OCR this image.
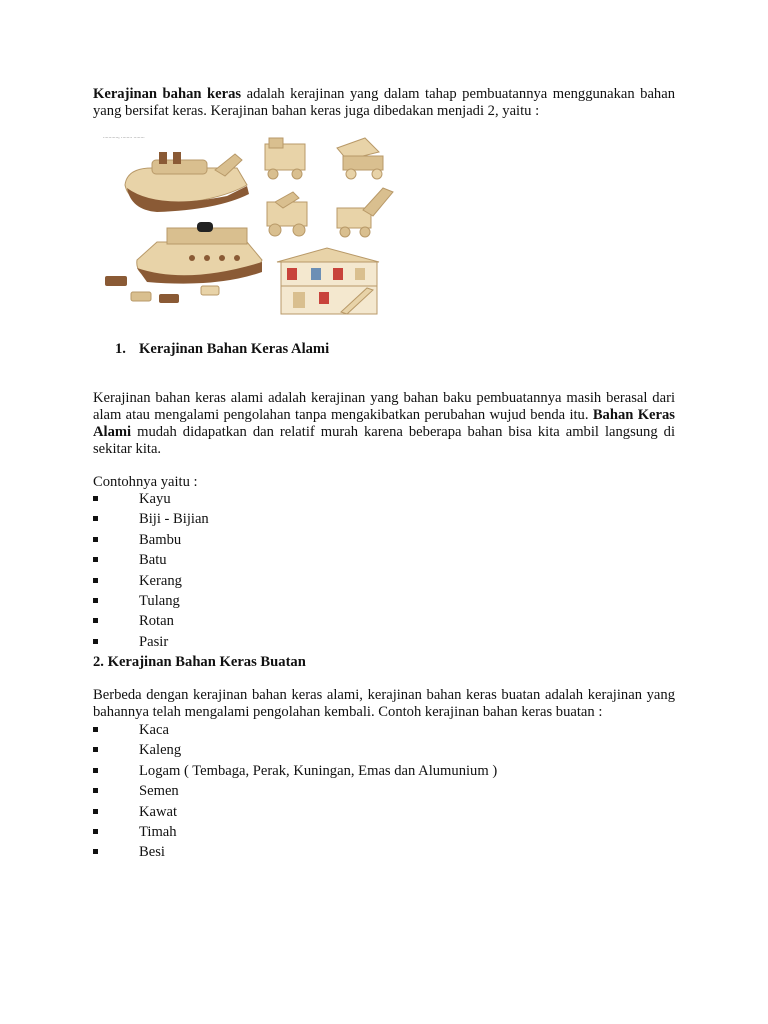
Kerajinan bahan keras adalah kerajinan yang dalam tahap pembuatannya menggunakan bahan yang bersifat keras. Kerajinan bahan keras juga dibedakan menjadi 2, yaitu :

..........., ........ ........

1. Kerajinan Bahan Keras Alami

Kerajinan bahan keras alami adalah kerajinan yang bahan baku pembuatannya masih berasal dari alam atau mengalami pengolahan tanpa mengakibatkan perubahan wujud benda itu. Bahan Keras Alami mudah didapatkan dan relatif murah karena beberapa bahan bisa kita ambil langsung di sekitar kita.

Contohnya yaitu :

Kayu
Biji - Bijian
Bambu
Batu
Kerang
Tulang
Rotan
Pasir

2. Kerajinan Bahan Keras Buatan

Berbeda dengan kerajinan bahan keras alami, kerajinan bahan keras buatan adalah kerajinan yang bahannya telah mengalami pengolahan kembali. Contoh kerajinan bahan keras buatan :

Kaca
Kaleng
Logam ( Tembaga, Perak, Kuningan, Emas dan Alumunium )
Semen
Kawat
Timah
Besi
